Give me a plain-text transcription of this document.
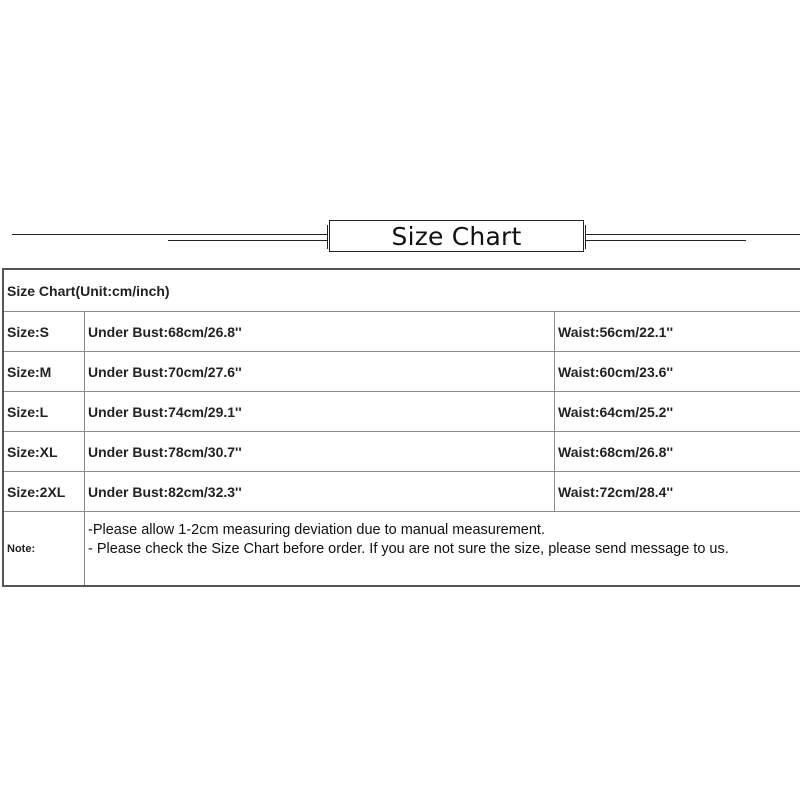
Size Chart
Size Chart(Unit:cm/inch)		
Size:S	Under Bust:68cm/26.8''	Waist:56cm/22.1''
Size:M	Under Bust:70cm/27.6''	Waist:60cm/23.6''
Size:L	Under Bust:74cm/29.1''	Waist:64cm/25.2''
Size:XL	Under Bust:78cm/30.7''	Waist:68cm/26.8''
Size:2XL	Under Bust:82cm/32.3''	Waist:72cm/28.4''
Note:	-Please allow 1-2cm measuring deviation due to manual measurement.
- Please check the Size Chart before order. If you are not sure the size, please send message to us.	
